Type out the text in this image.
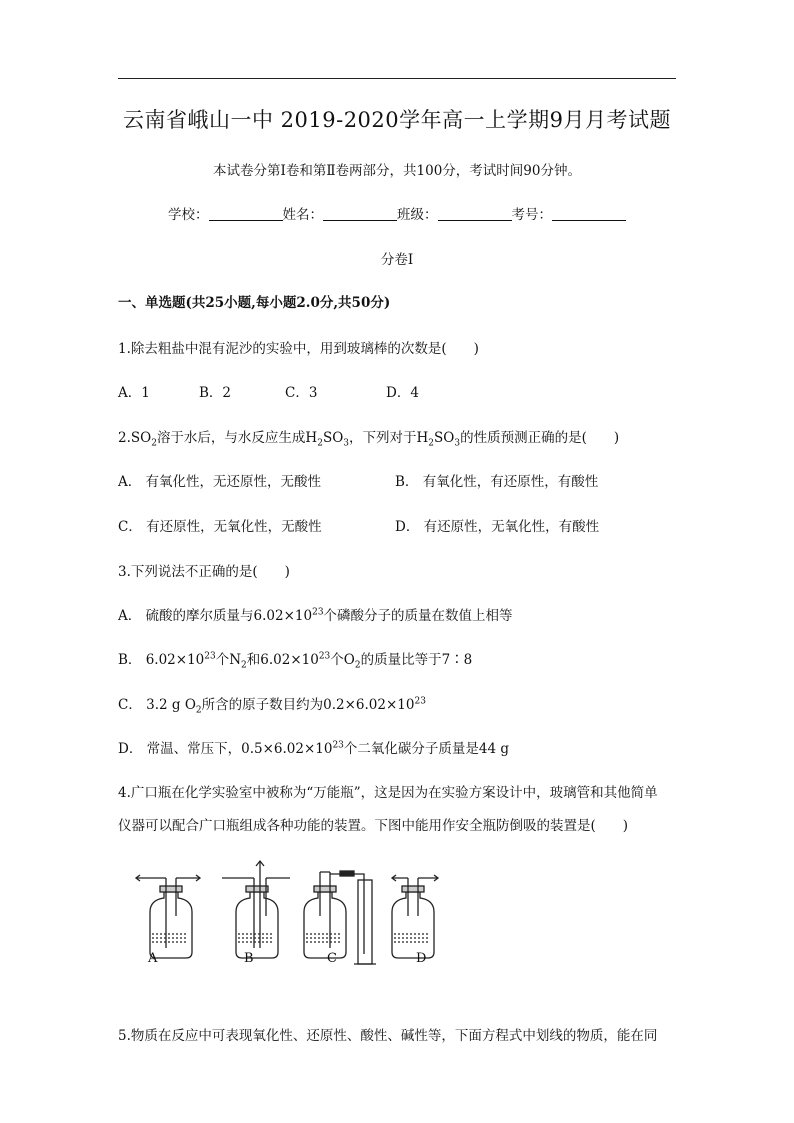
云南省峨山一中 2019-2020学年高一上学期9月月考试题
本试卷分第Ⅰ卷和第Ⅱ卷两部分，共100分，考试时间90分钟。
学校：	姓名：	班级：	考号：
分卷I
一、单选题(共25小题,每小题2.0分,共50分)
1.除去粗盐中混有泥沙的实验中，用到玻璃棒的次数是(　　)
A．1	B．2	C．3	D．4
$2.SO_2$溶于水后，与水反应生成$H_2SO_3$，下列对于$H_2SO_3$的性质预测正确的是(　　)
A． 有氧化性，无还原性，无酸性	B． 有氧化性，有还原性，有酸性
C． 有还原性，无氧化性，无酸性	D． 有还原性，无氧化性，有酸性
3.下列说法不正确的是(　　)
A． 硫酸的摩尔质量与$6.02\times 10^{23}$个磷酸分子的质量在数值上相等
B． $6.02\times 10^{23}$个$N_2$和$6.02\times 10^{23}$个$O_2$的质量比等于7∶8
C． 3.2 g $O_2$所含的原子数目约为$0.2\times 6.02\times 10^{23}$
D． 常温、常压下，$0.5\times 6.02\times 10^{23}$个二氧化碳分子质量是44 g
4.广口瓶在化学实验室中被称为“万能瓶”，这是因为在实验方案设计中，玻璃管和其他简单
仪器可以配合广口瓶组成各种功能的装置。下图中能用作安全瓶防倒吸的装置是(　　)
A	B	C	D
5.物质在反应中可表现氧化性、还原性、酸性、碱性等，下面方程式中划线的物质，能在同
